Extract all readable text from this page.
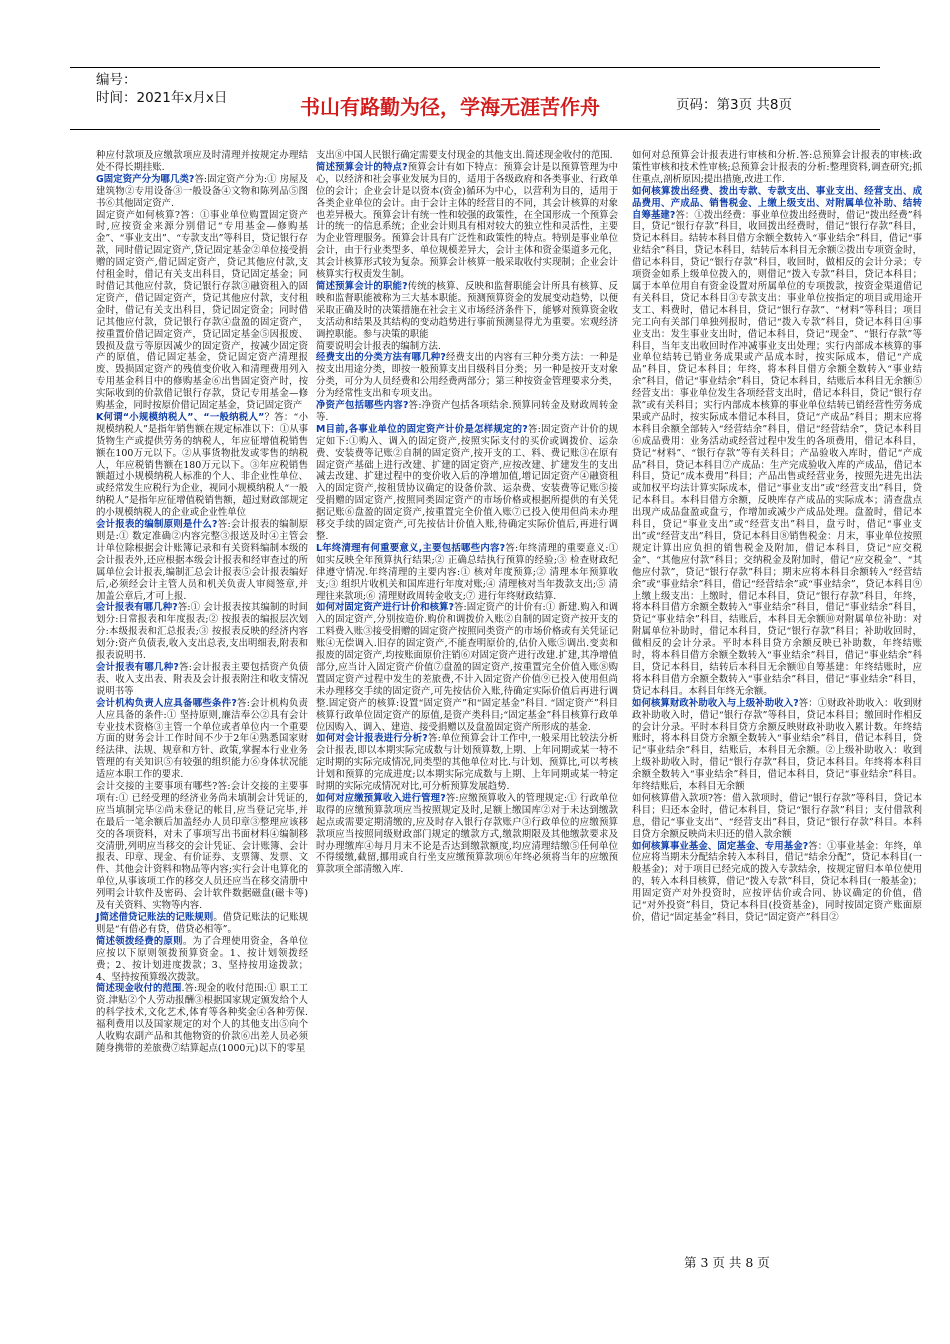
编号：
时间：2021年x月x日	书山有路勤为径，学海无涯苦作舟	页码：第3页 共8页

种应付款项及应缴款项应及时清理并按规定办理结处不得长期挂账.

G固定资产分为哪几类?答:固定资产分为:① 房屋及建筑物②专用设备③一般设备④文物和陈列品⑤图书⑥其他固定资产.

固定资产如何核算?答：①事业单位购置固定资产时,应按资金来源分别借记“专用基金—修购基金”、“事业支出”、“专款支出”等科目，贷记银行存款，同时借记固定资产,贷记固定基金②单位接受捐赠的固定资产,借记固定资产，贷记其他应付款,支付租金时，借记有关支出科目，贷记固定基金；同时借记其他应付款，贷记银行存款③融资租入的固定资产，借记固定资产，贷记其他应付款，支付租金时，借记有关支出科目，贷记固定资金；同时借记其他应付款，贷记银行存款④盘盈的固定资产，按重置价借记固定资产，贷记固定基金⑤因报废、毁损及盘亏等原因减少的固定资产，按减少固定资产的原值，借记固定基金，贷记固定资产清理报废、毁损固定资产的残值变价收入和清理费用列入专用基金科目中的修购基金⑥出售固定资产时，按实际收到的价款借记银行存款，贷记专用基金—修购基金，同时按原价借记固定基金，贷记固定资产

K何谓“小规模纳税人”、“一般纳税人”？答：“小规模纳税人”是指年销售额在规定标准以下：①从事货物生产或提供劳务的纳税人，年应征增值税销售额在100万元以下。②从事货物批发或零售的纳税人，年应税销售额在180万元以下。③年应税销售额超过小规模纳税人标准的个人、非企业性单位、或经常发生应税行为企业，视同小规模纳税人“一般纳税人”是指年应征增值税销售额，超过财政部规定的小规模纳税人的企业或企业性单位

会计报表的编制原则是什么?答:会计报表的编制原则是:① 数定准确②内容完整③报送及时④主管会计单位除根据会计账簿记录和有关资料编制本级的会计报表外,还应根据本级会计报表和经审查过的所属单位会计报表,编制汇总会计报表⑤会计报表编好后,必须经会计主管人员和机关负责人审阅签章,并加盖公章后,才可上报.

会计报表有哪几种?答:① 会计报表按其编制的时间划分:日常报表和年度报表;② 按报表的编报层次划分:本级报表和汇总报表;③ 按报表反映的经济内容划分:资产负债表,收入支出总表,支出明细表,附表和报表说明书.

会计报表有哪几种?答:会计报表主要包括资产负债表、收入支出表、附表及会计报表附注和收支情况说明书等

会计机构负责人应具备哪些条件?答:会计机构负责人应具备的条件:① 坚持原则,廉洁奉公②具有会计专业技术资格③主管一个单位或者单位内一个重要方面的财务会计工作时间不少于2年④熟悉国家财经法律、法规、规章和方针、政策,掌握本行业业务管理的有关知识⑤有较强的组织能力⑥身体状况能适应本职工作的要求.

会计交接的主要事项有哪些?答:会计交接的主要事项有:① 已经受理的经济业务尚未填制会计凭证的,应当填制完毕②尚未登记的帐目,应当登记完毕,并在最后一笔余额后加盖经办人员印章③整理应该移交的各项资料，对未了事项写出书面材料④编制移交清册,列明应当移交的会计凭证、会计账簿、会计报表、印章、现金、有价证券、支票簿、发票、文件、其他会计资料和物品等内容;实行会计电算化的单位,从事该项工作的移交人员还应当在移交清册中列明会计软件及密码、会计软件数据磁盘(磁卡等)及有关资料、实物等内容.

J简述借贷记账法的记账规则。借贷记账法的记账规则是“有借必有贷，借贷必相等”。

简述领拨经费的原则。为了合理使用资金，各单位应按以下原则领拨预算资金。1、按计划领拨经费；2、按计划进度拨款；3、坚持按用途拨款；4、坚持按预算级次拨款。

简述现金收付的范围.答:现金的收付范围:① 职工工资.津贴②个人劳动报酬③根据国家规定颁发给个人的科学技术,文化艺术,体育等各种奖金④各种劳保.福利费用以及国家规定的对个人的其他支出⑤向个人收购农副产品和其他物资的价款⑥出差人员必须随身携带的差旅费⑦结算起点(1000元)以下的零星

支出⑧中国人民银行确定需要支付现金的其他支出.简述现金收付的范围.

简述预算会计的特点?预算会计有如下特点：预算会计是以预算管理为中心，以经济和社会事业发展为目的，适用于各级政府和各类事业、行政单位的会计；企业会计是以资本(资金)循环为中心，以营利为目的，适用于各类企业单位的会计。由于会计主体的经营目的不同，其会计核算的对象也差异极大。预算会计有统一性和较强的政策性，在全国形成一个预算会计的统一的信息系统；企业会计则具有相对较大的独立性和灵活性，主要为企业管理服务。预算会计具有广泛性和政策性的特点。特别是事业单位会计，由于行业类型多、单位规模差异大，会计主体和资金渠道多元化，其会计核算形式较为复杂。预算会计核算一般采取收付实现制；企业会计核算实行权责发生制。

简述预算会计的职能?传统的核算、反映和监督职能会计所具有核算、反映和监督职能被称为三大基本职能。预测预算资金的发展变动趋势，以便采取正确及时的决策措施在社会主义市场经济条件下，能够对预算资金收支活动和结果及其结构的变动趋势进行事前预测显得尤为重要。宏观经济调控职能。参与决策的职能

简要说明会计报表的编制方法.

经费支出的分类方法有哪几种?经费支出的内容有三种分类方法：一种是按支出用途分类，即按一般预算支出目级科目分类；另一种是按开支对象分类，可分为人员经费和公用经费两部分；第三种按资金管理要求分类，分为经常性支出和专项支出。

净资产包括哪些内容?答:净资产包括各项结余.预算同转金及财政周转金等.

M目前,各事业单位的固定资产计价是怎样规定的?答:固定资产计价的规定如下:①购入、调入的固定资产,按照实际支付的买价或调拨价、运杂费、安装费等记账②自制的固定资产,按开支的工、料、费记账③在原有固定资产基础上进行改建、扩建的固定资产,应按改建、扩建发生的支出减去改建、扩建过程中的变价收入后的净增加值,增记固定资产④融资租入的固定资产,按租赁协议确定的设备价款、运杂费、安装费等记账⑤接受捐赠的固定资产,按照同类固定资产的市场价格或根据所提供的有关凭据记账⑥盘盈的固定资产,按重置完全价值入账⑦已投入使用但尚未办理移交手续的固定资产,可先按估计价值入账,待确定实际价值后,再进行调整.

L年终清理有何重要意义,主要包括哪些内容?答:年终清理的重要意义:① 如实反映全年预算执行结果;② 正确总结执行预算的经验;③ 检查财政纪律遵守情况.年终清理的主要内容:① 核对年度预算;② 清理本年预算收支;③ 组织片收机关和国库进行年度对账;④ 清理核对当年拨款支出;⑤ 清理往来款项;⑥ 清理财政周转金收支;⑦ 进行年终财政结算.

如何对固定资产进行计价和核算?答:固定资产的计价有:① 新建.购入和调入的固定资产,分别按造价.购价和调拨价入账②自制的固定资产按开支的工料费入账③接受捐赠的固定资产按照同类资产的市场价格或有关凭证记账④无偿调入.旧存的固定资产,不能查明原价的,估价入账⑤调出.变卖和报废的固定资产,均按账面原价注销⑥对固定资产进行改建.扩建,其净增值部分,应当计入固定资产价值⑦盘盈的固定资产,按重置完全价值入账⑧购置固定资产过程中发生的差旅费,不计入固定资产价值⑨已投入使用但尚未办理移交手续的固定资产,可先按估价入账,待确定实际价值后再进行调整.固定资产的核算:设置“固定资产”和“固定基金”科目. “固定资产”科目核算行政单位固定资产的原值,是资产类科目;“固定基金”科目核算行政单位因购入、调入、建造、接受捐赠以及盘盈固定资产所形成的基金.

如何对会计报表进行分析?答:单位预算会计工作中,一般采用比较法分析会计报表,即以本期实际完成数与计划预算数,上期、上年同期或某一特不定时期的实际完成情况,同类型的其他单位对比.与计划、预算比,可以考核计划和预算的完成进度;以本期实际完成数与上期、上年同期或某一特定时期的实际完成情况对比,可分析预算发展趋势.

如何对应缴预算收入进行管理?答:应缴预算收入的管理规定:① 行政单位取得的应缴预算款项应当按照规定及时,足额上缴国库②对于未达到缴款起点或需要定期清缴的,应及时存入银行存款账户③行政单位的应缴预算款项应当按照同级财政部门规定的缴款方式,缴款期限及其他缴款要求及时办理缴库④每月月末不论是否达到缴款额度,均应清理结缴⑤任何单位不得缓缴,截留,挪用或自行坐支应缴预算款项⑥年终必须将当年的应缴预算款项全部清缴入库.

如何对总预算会计报表进行审核和分析.答:总预算会计报表的审核:政策性审核和技术性审核;总预算会计报表的分析:整理资料,调查研究;抓住重点,剖析原因;提出措施,改进工作.

如何核算拨出经费、拨出专款、专款支出、事业支出、经营支出、成品费用、产成品、销售税金、上缴上级支出、对附属单位补助、结转自筹基建?答：①拨出经费：事业单位拨出经费时，借记“拨出经费”科目，贷记“银行存款”科目，收回拨出经费时，借记“银行存款”科目，贷记本科目。结转本科目借方余额全数转入“事业结余”科目，借记“事业结余”科目，贷记本科目，结转后本科目无余额②拨出专项资金时，借记本科目，贷记“银行存款”科目，收回时，做相反的会计分录；专项资金如系上级单位拨入的，则借记“拨入专款”科目，贷记本科目；属于本单位用自有资金设置对所属单位的专项拨款，按资金渠道借记有关科目，贷记本科目③专款支出：事业单位按指定的项目或用途开支工、料费时，借记本科目，贷记“银行存款”、“材料”等科目；项目完工向有关部门单独列报时，借记“拨入专款”科目，贷记本科目④事业支出：发生事业支出时，借记本科目，贷记“现金”、“银行存款”等科目，当年支出收回时作冲减事业支出处理；实行内部成本核算的事业单位结转已销业务成果或产品成本时，按实际成本，借记“产成品”科目，贷记本科目；年终，将本科目借方余额全数转入“事业结余”科目，借记“事业结余”科目，贷记本科目，结账后本科目无余额⑤经营支出：事业单位发生各项经营支出时，借记本科目，贷记“银行存款”或有关科目；实行内部成本核算的事业单位结转已销经营性劳务成果或产品时，按实际成本借记本科目，贷记“产成品”科目；期末应将本科目余额全部转入“经营结余”科目，借记“经营结余”，贷记本科目⑥成品费用：业务活动或经营过程中发生的各项费用，借记本科目，贷记“材料”、“银行存款”等有关科目；产品验收入库时，借记“产成品”科目，贷记本科目⑦产成品：生产完成验收入库的产成品，借记本科目，贷记“成本费用”科目；产品出售或经营业务，按照先进先出法或加权平均法计算实际成本，借记“事业支出”或“经营支出”科目，贷记本科目。本科目借方余额，反映库存产成品的实际成本；清查盘点出现产成品盘盈或盘亏，作增加或减少产成品处理。盘盈时，借记本科目，贷记“事业支出”或“经营支出”科目，盘亏时，借记“事业支出”或“经营支出”科目，贷记本科目⑧销售税金：月末，事业单位按照规定计算出应负担的销售税金及附加，借记本科目，贷记“应交税金”、“其他应付款”科目；交纳税金及附加时，借记“应交税金”、“其他应付款”，贷记“银行存款”科目；期末应将本科目余额转入“经营结余”或“事业结余”科目，借记“经营结余”或“事业结余”，贷记本科目⑨上缴上级支出：上缴时，借记本科目，贷记“银行存款”科目，年终，将本科目借方余额全数转入“事业结余”科目，借记“事业结余”科目，贷记“事业结余”科目，结账后，本科目无余额⑩对附属单位补助：对附属单位补助时，借记本科目，贷记“银行存款”科目；补助收回时，做相反的会计分录。平时本科目贷方余额反映已补助数，年终结账时，将本科目借方余额全数转入“事业结余”科目，借记“事业结余”科目，贷记本科目，结转后本科目无余额⑪自筹基建：年终结账时，应将本科目借方余额全数转入“事业结余”科目，借记“事业结余”科目，贷记本科目。本科目年终无余额。

如何核算财政补助收入与上级补助收入?答：①财政补助收入：收到财政补助收入时，借记“银行存款”等科目，贷记本科目；缴回时作相反的会计分录。平时本科目贷方余额反映财政补助收入累计数。年终结账时，将本科目贷方余额全数转入“事业结余”科目，借记本科目，贷记“事业结余”科目，结账后，本科目无余额。②上级补助收入：收到上级补助收入时，借记“银行存款”科目，贷记本科目。年终将本科目余额全数转入“事业结余”科目，借记本科目，贷记“事业结余”科目。年终结账后，本科目无余额

如何核算借入款项?答：借入款项时，借记“银行存款”等科目，贷记本科目；归还本金时，借记本科目，贷记“银行存款”科目；支付借款利息，借记“事业支出”、“经营支出”科目，贷记“银行存款”科目。本科目贷方余额反映尚未归还的借入款余额

如何核算事业基金、固定基金、专用基金?答：①事业基金：年终，单位应将当期未分配结余转入本科目，借记“结余分配”，贷记本科目(一般基金)；对于项目已经完成的拨入专款结余，按规定留归本单位使用的，转入本科目核算，借记“拨入专款”科目，贷记本科目(一般基金)；用固定资产对外投资时，应按评估价或合同、协议确定的价值，借记“对外投资”科目，贷记本科目(投资基金)，同时按固定资产账面原价，借记“固定基金”科目，贷记“固定资产”科目②

第 3 页 共 8 页
